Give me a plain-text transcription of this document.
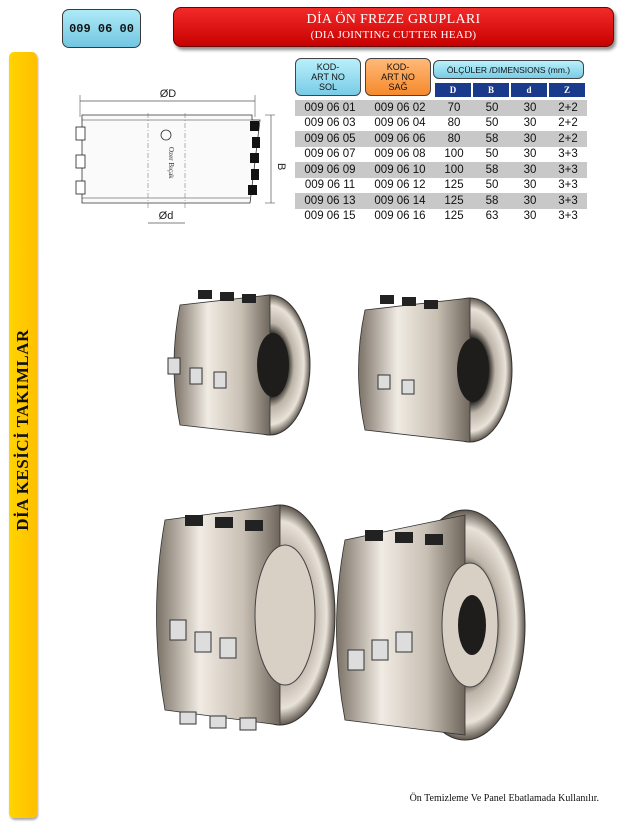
009 06 00
DİA ÖN FREZE GRUPLARI
(DIA JOINTING CUTTER HEAD)
DİA KESİCİ TAKIMLAR
KOD-
ART NO
SOL
KOD-
ART NO
SAĞ
ÖLÇÜLER /DIMENSIONS (mm.)
D	B	d	Z
009 06 01	009 06 02	70	50	30	2+2
009 06 03	009 06 04	80	50	30	2+2
009 06 05	009 06 06	80	58	30	2+2
009 06 07	009 06 08	100	50	30	3+3
009 06 09	009 06 10	100	58	30	3+3
009 06 11	009 06 12	125	50	30	3+3
009 06 13	009 06 14	125	58	30	3+3
009 06 15	009 06 16	125	63	30	3+3
ØD
Ozer Bıçak	B
Ød
Ön Temizleme Ve Panel Ebatlamada Kullanılır.
